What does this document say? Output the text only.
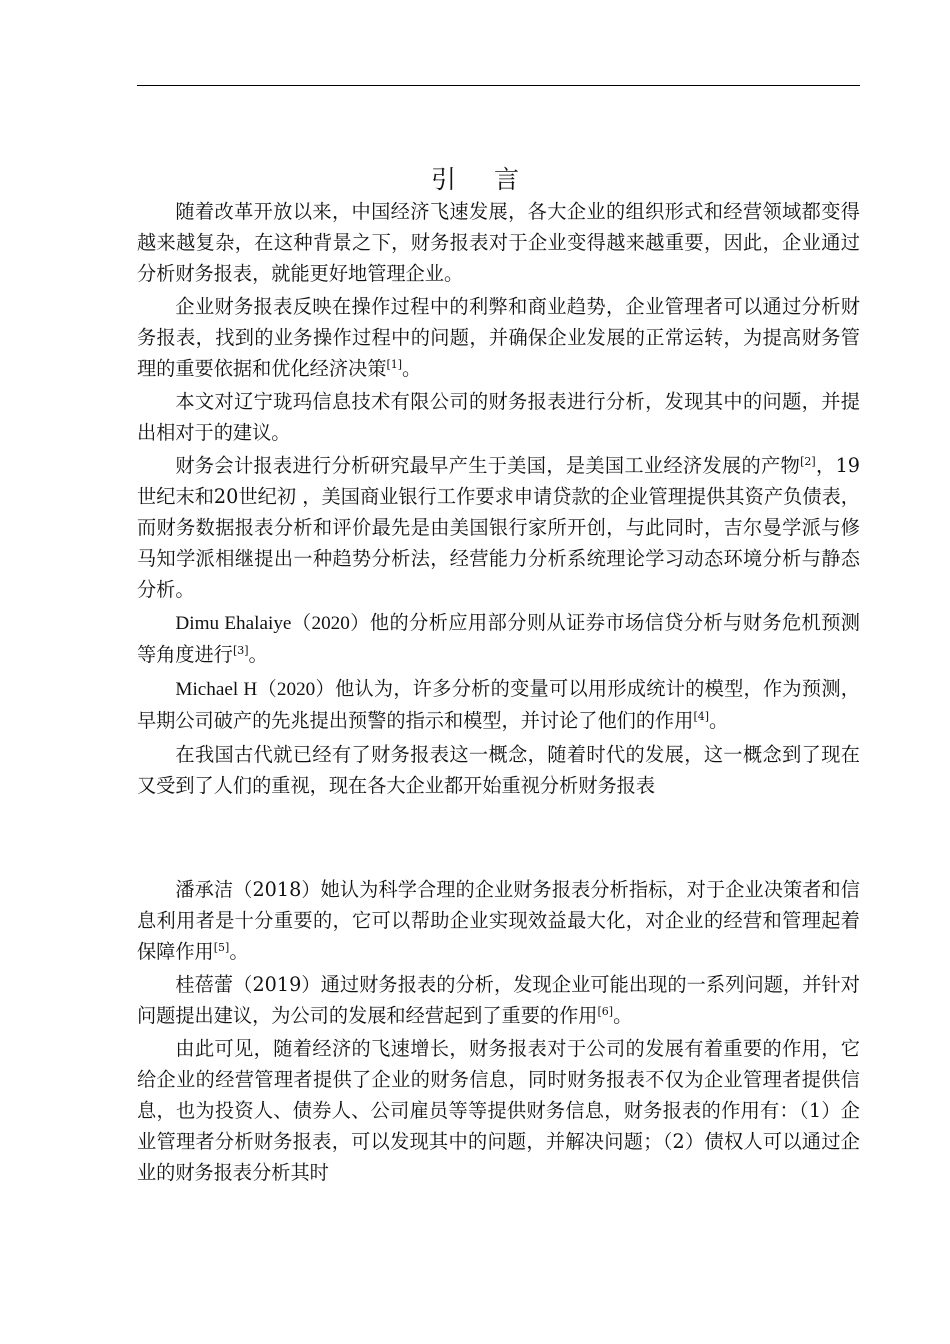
引言

随着改革开放以来，中国经济飞速发展，各大企业的组织形式和经营领域都变得越来越复杂，在这种背景之下，财务报表对于企业变得越来越重要，因此，企业通过分析财务报表，就能更好地管理企业。

企业财务报表反映在操作过程中的利弊和商业趋势，企业管理者可以通过分析财务报表，找到的业务操作过程中的问题，并确保企业发展的正常运转，为提高财务管理的重要依据和优化经济决策[1]。

本文对辽宁珑玛信息技术有限公司的财务报表进行分析，发现其中的问题，并提出相对于的建议。

财务会计报表进行分析研究最早产生于美国，是美国工业经济发展的产物[2]，19世纪末和20世纪初 ，美国商业银行工作要求申请贷款的企业管理提供其资产负债表，而财务数据报表分析和评价最先是由美国银行家所开创，与此同时，吉尔曼学派与修马知学派相继提出一种趋势分析法，经营能力分析系统理论学习动态环境分析与静态分析。

Dimu Ehalaiye（2020）他的分析应用部分则从证券市场信贷分析与财务危机预测等角度进行[3]。

Michael H（2020）他认为，许多分析的变量可以用形成统计的模型，作为预测，早期公司破产的先兆提出预警的指示和模型，并讨论了他们的作用[4]。

在我国古代就已经有了财务报表这一概念，随着时代的发展，这一概念到了现在又受到了人们的重视，现在各大企业都开始重视分析财务报表

潘承洁（2018）她认为科学合理的企业财务报表分析指标，对于企业决策者和信息利用者是十分重要的，它可以帮助企业实现效益最大化，对企业的经营和管理起着保障作用[5]。

桂蓓蕾（2019）通过财务报表的分析，发现企业可能出现的一系列问题，并针对问题提出建议，为公司的发展和经营起到了重要的作用[6]。

由此可见，随着经济的飞速增长，财务报表对于公司的发展有着重要的作用，它给企业的经营管理者提供了企业的财务信息，同时财务报表不仅为企业管理者提供信息，也为投资人、债券人、公司雇员等等提供财务信息，财务报表的作用有：（1）企业管理者分析财务报表，可以发现其中的问题，并解决问题；（2）债权人可以通过企业的财务报表分析其时
